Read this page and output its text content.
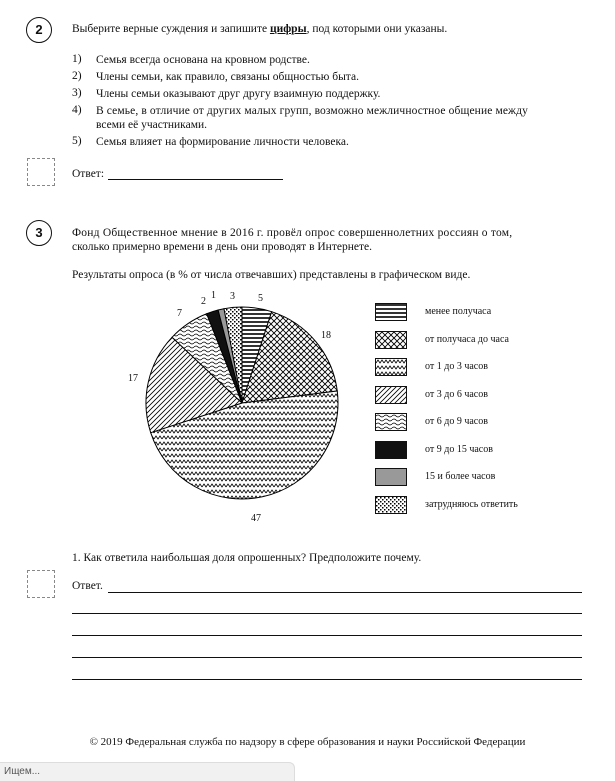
2	Выберите верные суждения и запишите цифры, под которыми они указаны.
1) Семья всегда основана на кровном родстве.
2) Члены семьи, как правило, связаны общностью быта.
3) Члены семьи оказывают друг другу взаимную поддержку.
4) В семье, в отличие от других малых групп, возможно межличностное общение между
всеми её участниками.
5) Семья влияет на формирование личности человека.
Ответ:
3	Фонд Общественное мнение в 2016 г. провёл опрос совершеннолетних россиян о том,
сколько примерно времени в день они проводят в Интернете.
Результаты опроса (в % от числа отвечавших) представлены в графическом виде.
5
18
47
17
7
2
1 3
менее получаса
от получаса до часа
от 1 до 3 часов
от 3 до 6 часов
от 6 до 9 часов
от 9 до 15 часов
15 и более часов
затрудняюсь ответить
1. Как ответила наибольшая доля опрошенных? Предположите почему.
Ответ.
© 2019 Федеральная служба по надзору в сфере образования и науки Российской Федерации
Ищем...
